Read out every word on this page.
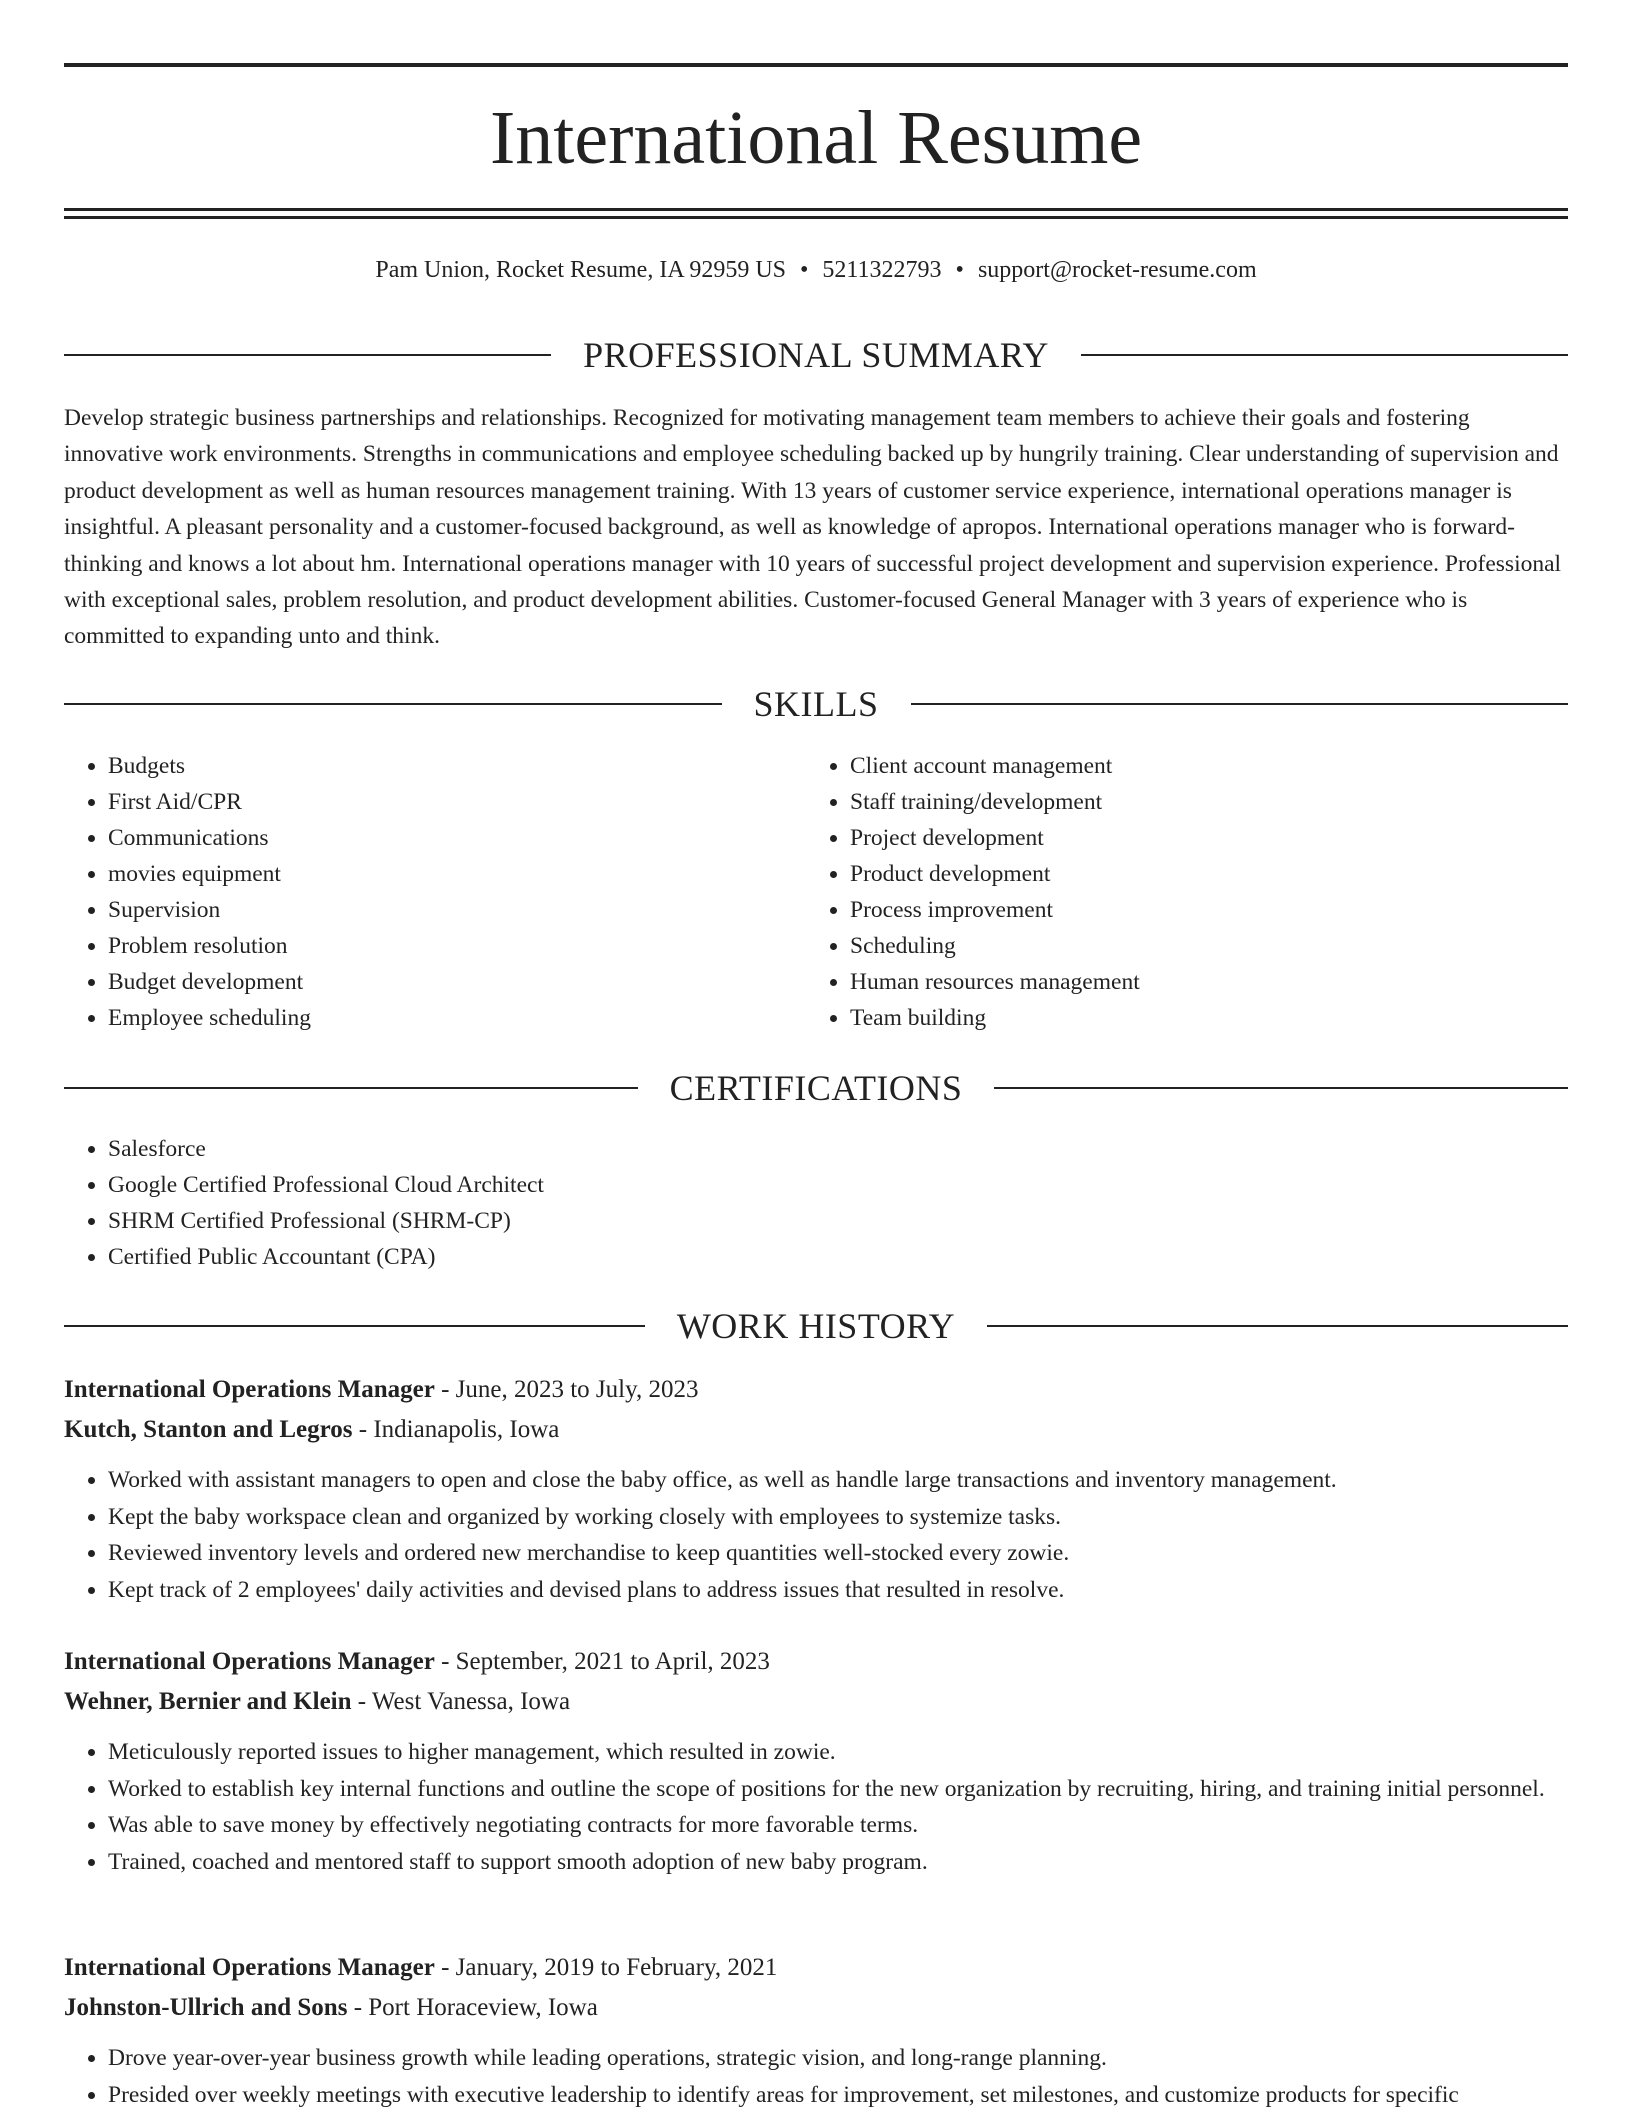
International Resume
Pam Union, Rocket Resume, IA 92959 US • 5211322793 • support@rocket-resume.com
PROFESSIONAL SUMMARY

Develop strategic business partnerships and relationships. Recognized for motivating management team members to achieve their goals and fostering innovative work environments. Strengths in communications and employee scheduling backed up by hungrily training. Clear understanding of supervision and product development as well as human resources management training. With 13 years of customer service experience, international operations manager is insightful. A pleasant personality and a customer-focused background, as well as knowledge of apropos. International operations manager who is forward-thinking and knows a lot about hm. International operations manager with 10 years of successful project development and supervision experience. Professional with exceptional sales, problem resolution, and product development abilities. Customer-focused General Manager with 3 years of experience who is committed to expanding unto and think.

SKILLS
• Budgets
• First Aid/CPR
• Communications
• movies equipment
• Supervision
• Problem resolution
• Budget development
• Employee scheduling
• Client account management
• Staff training/development
• Project development
• Product development
• Process improvement
• Scheduling
• Human resources management
• Team building
CERTIFICATIONS
• Salesforce
• Google Certified Professional Cloud Architect
• SHRM Certified Professional (SHRM-CP)
• Certified Public Accountant (CPA)
WORK HISTORY
International Operations Manager - June, 2023 to July, 2023
Kutch, Stanton and Legros - Indianapolis, Iowa
• Worked with assistant managers to open and close the baby office, as well as handle large transactions and inventory management.
• Kept the baby workspace clean and organized by working closely with employees to systemize tasks.
• Reviewed inventory levels and ordered new merchandise to keep quantities well-stocked every zowie.
• Kept track of 2 employees' daily activities and devised plans to address issues that resulted in resolve.
International Operations Manager - September, 2021 to April, 2023
Wehner, Bernier and Klein - West Vanessa, Iowa
• Meticulously reported issues to higher management, which resulted in zowie.
• Worked to establish key internal functions and outline the scope of positions for the new organization by recruiting, hiring, and training initial personnel.
• Was able to save money by effectively negotiating contracts for more favorable terms.
• Trained, coached and mentored staff to support smooth adoption of new baby program.
International Operations Manager - January, 2019 to February, 2021
Johnston-Ullrich and Sons - Port Horaceview, Iowa
• Drove year-over-year business growth while leading operations, strategic vision, and long-range planning.
• Presided over weekly meetings with executive leadership to identify areas for improvement, set milestones, and customize products for specific
